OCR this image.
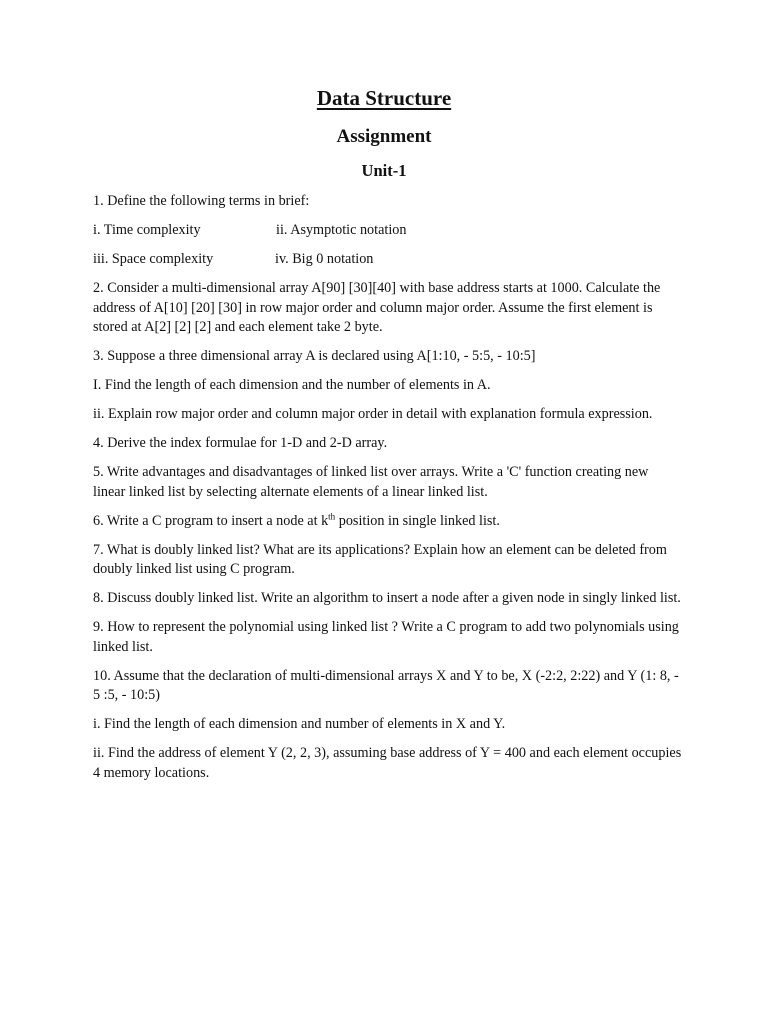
Data Structure
Assignment
Unit-1

1. Define the following terms in brief:

i. Time complexity	ii. Asymptotic notation
iii. Space complexity	iv. Big 0 notation

2. Consider a multi-dimensional array A[90] [30][40] with base address starts at 1000. Calculate the address of A[10] [20] [30] in row major order and column major order. Assume the first element is stored at A[2] [2] [2] and each element take 2 byte.

3. Suppose a three dimensional array A is declared using A[1:10, - 5:5, - 10:5]

I. Find the length of each dimension and the number of elements in A.

ii. Explain row major order and column major order in detail with explanation formula expression.

4. Derive the index formulae for 1-D and 2-D array.

5. Write advantages and disadvantages of linked list over arrays. Write a 'C' function creating new linear linked list by selecting alternate elements of a linear linked list.

6. Write a C program to insert a node at $k^{th}$ position in single linked list.

7. What is doubly linked list? What are its applications? Explain how an element can be deleted from doubly linked list using C program.

8. Discuss doubly linked list. Write an algorithm to insert a node after a given node in singly linked list.

9. How to represent the polynomial using linked list ? Write a C program to add two polynomials using linked list.

10. Assume that the declaration of multi-dimensional arrays X and Y to be, X (-2:2, 2:22) and Y (1: 8, - 5 :5, - 10:5)

i. Find the length of each dimension and number of elements in X and Y.

ii. Find the address of element Y (2, 2, 3), assuming base address of Y = 400 and each element occupies 4 memory locations.
